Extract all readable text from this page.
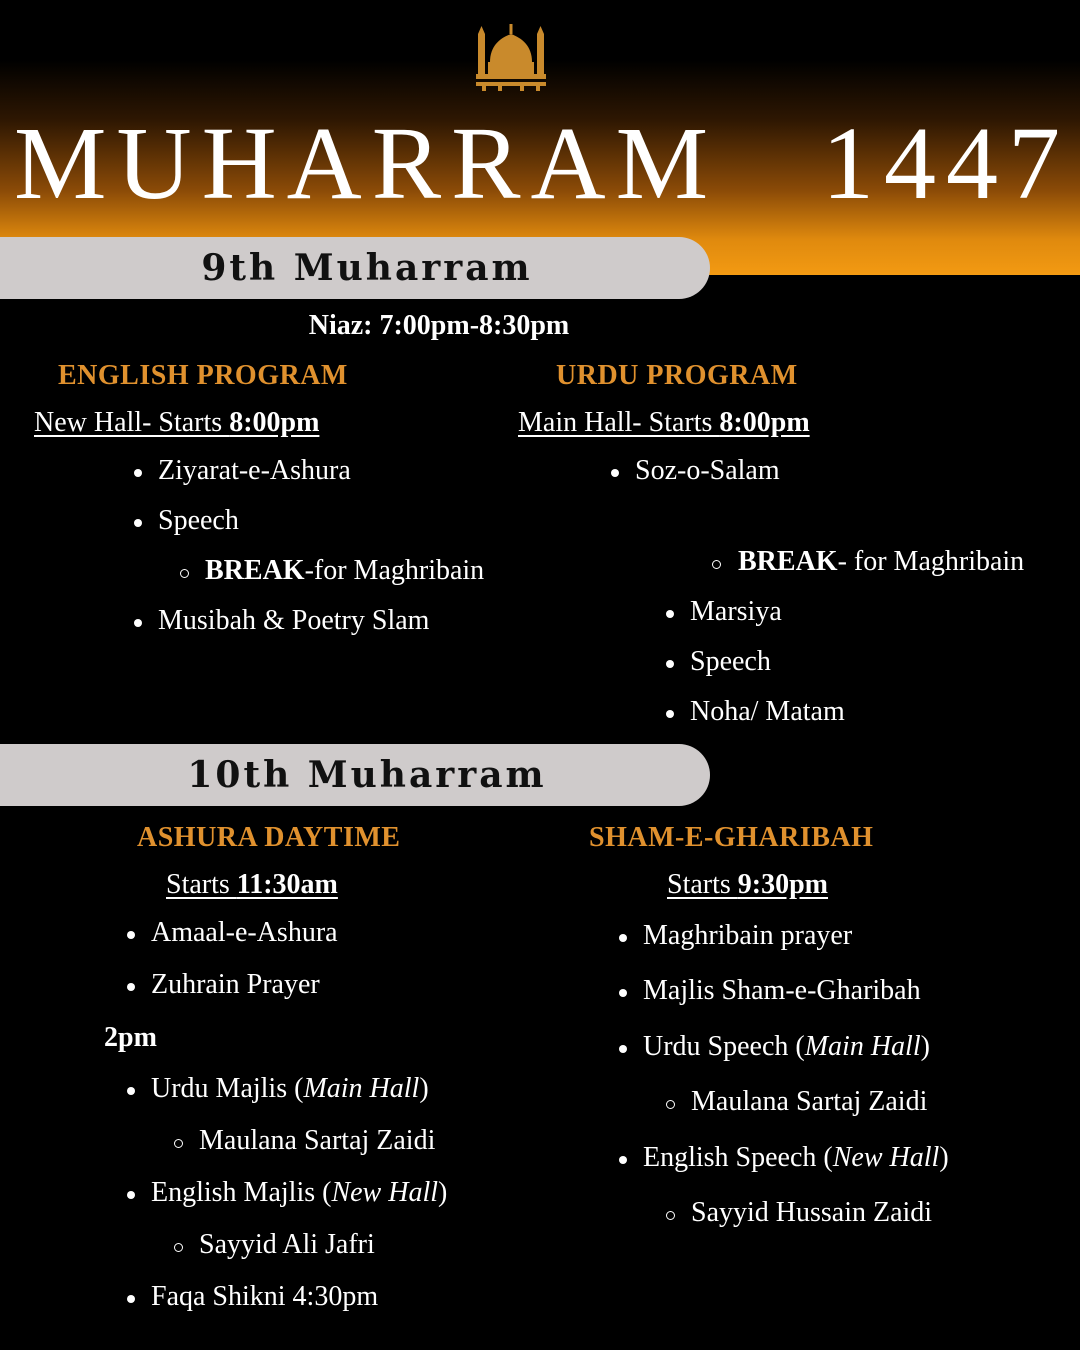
MUHARRAM 1447
9th Muharram
Niaz: 7:00pm-8:30pm
ENGLISH PROGRAM
New Hall- Starts 8:00pm
Ziyarat-e-Ashura
Speech
BREAK-for Maghribain
Musibah & Poetry Slam
URDU PROGRAM
Main Hall- Starts 8:00pm
Soz-o-Salam
BREAK- for Maghribain
Marsiya
Speech
Noha/ Matam
10th Muharram
ASHURA DAYTIME
Starts 11:30am
Amaal-e-Ashura
Zuhrain Prayer
2pm
Urdu Majlis (Main Hall)
Maulana Sartaj Zaidi
English Majlis (New Hall)
Sayyid Ali Jafri
Faqa Shikni 4:30pm
SHAM-E-GHARIBAH
Starts 9:30pm
Maghribain prayer
Majlis Sham-e-Gharibah
Urdu Speech (Main Hall)
Maulana Sartaj Zaidi
English Speech (New Hall)
Sayyid Hussain Zaidi
